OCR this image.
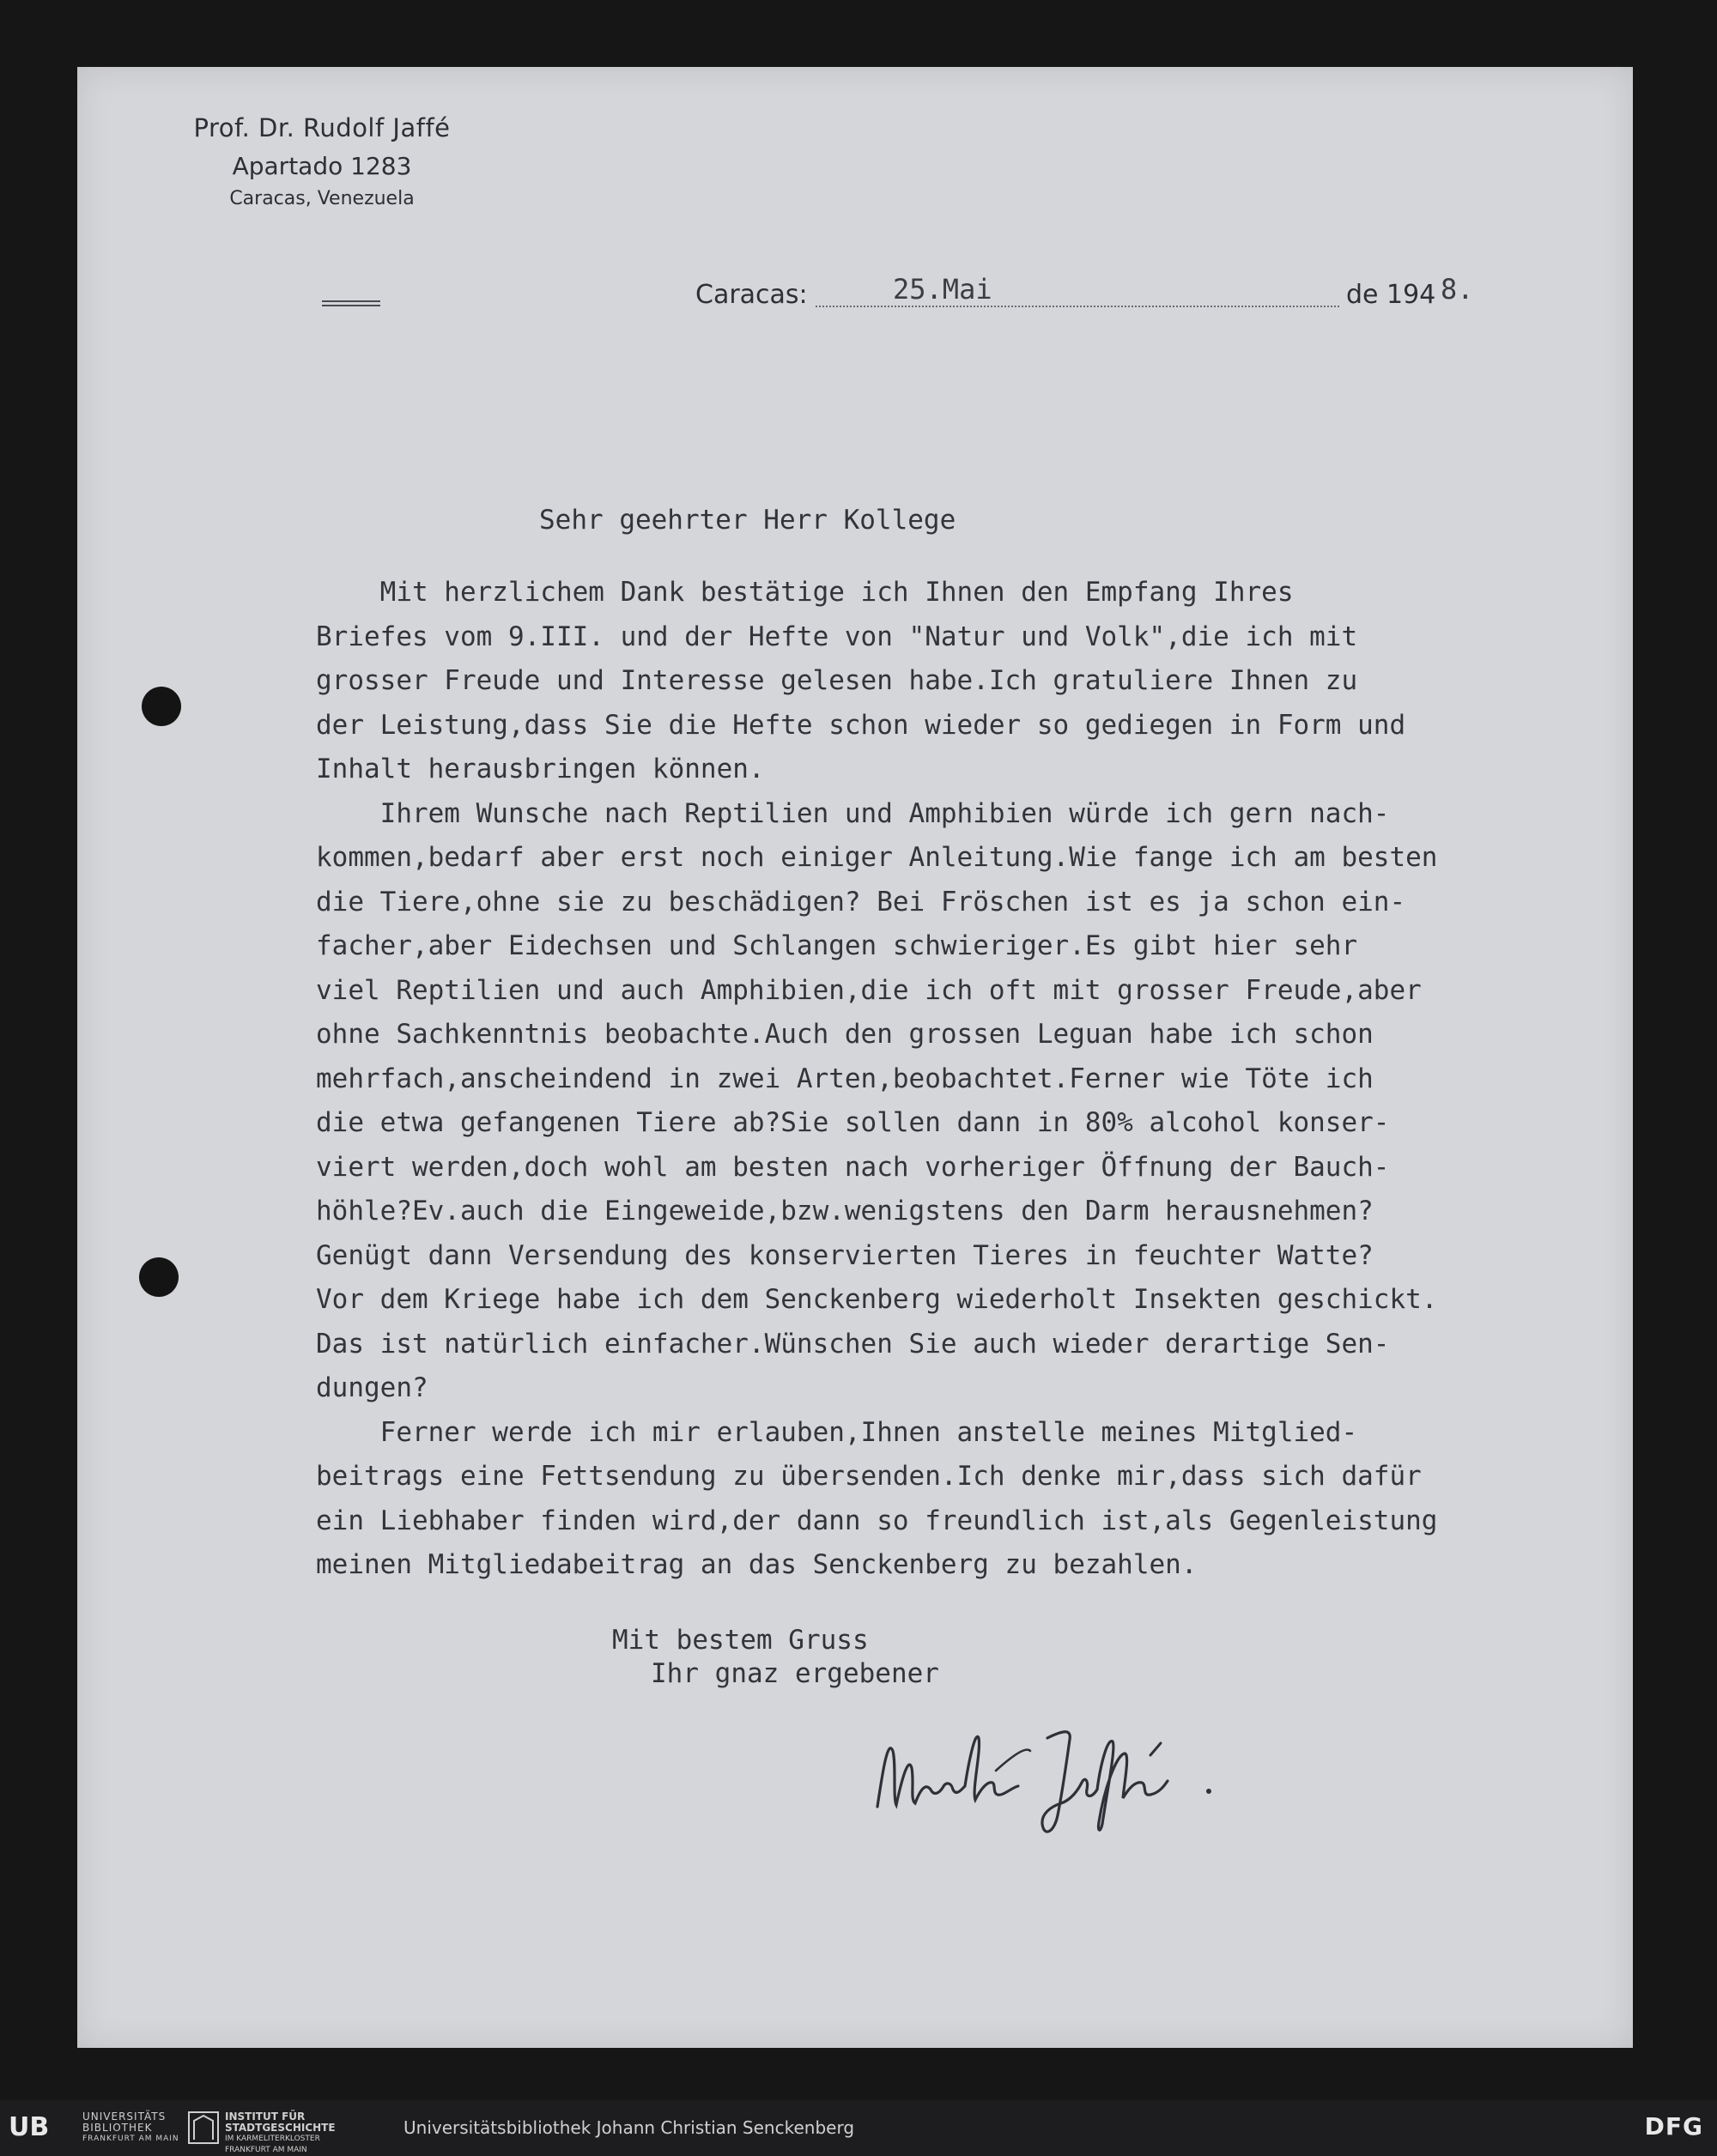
Prof. Dr. Rudolf Jaffé
Apartado 1283
Caracas, Venezuela
Caracas:	25.Mai	de 194 8.
Sehr geehrter Herr Kollege
Mit herzlichem Dank bestätige ich Ihnen den Empfang Ihres
Briefes vom 9.III. und der Hefte von "Natur und Volk",die ich mit
grosser Freude und Interesse gelesen habe.Ich gratuliere Ihnen zu
der Leistung,dass Sie die Hefte schon wieder so gediegen in Form und
Inhalt herausbringen können.
Ihrem Wunsche nach Reptilien und Amphibien würde ich gern nach-
kommen,bedarf aber erst noch einiger Anleitung.Wie fange ich am besten
die Tiere,ohne sie zu beschädigen? Bei Fröschen ist es ja schon ein-
facher,aber Eidechsen und Schlangen schwieriger.Es gibt hier sehr
viel Reptilien und auch Amphibien,die ich oft mit grosser Freude,aber
ohne Sachkenntnis beobachte.Auch den grossen Leguan habe ich schon
mehrfach,anscheindend in zwei Arten,beobachtet.Ferner wie Töte ich
die etwa gefangenen Tiere ab?Sie sollen dann in 80% alcohol konser-
viert werden,doch wohl am besten nach vorheriger Öffnung der Bauch-
höhle?Ev.auch die Eingeweide,bzw.wenigstens den Darm herausnehmen?
Genügt dann Versendung des konservierten Tieres in feuchter Watte?
Vor dem Kriege habe ich dem Senckenberg wiederholt Insekten geschickt.
Das ist natürlich einfacher.Wünschen Sie auch wieder derartige Sen-
dungen?
Ferner werde ich mir erlauben,Ihnen anstelle meines Mitglied-
beitrags eine Fettsendung zu übersenden.Ich denke mir,dass sich dafür
ein Liebhaber finden wird,der dann so freundlich ist,als Gegenleistung
meinen Mitgliedabeitrag an das Senckenberg zu bezahlen.
Mit bestem Gruss
Ihr gnaz ergebener
UB	UNIVERSITÄTS
BIBLIOTHEK
FRANKFURT AM MAIN
INSTITUT FÜR
STADTGESCHICHTE
IM KARMELITERKLOSTER
FRANKFURT AM MAIN
Universitätsbibliothek Johann Christian Senckenberg	DFG
